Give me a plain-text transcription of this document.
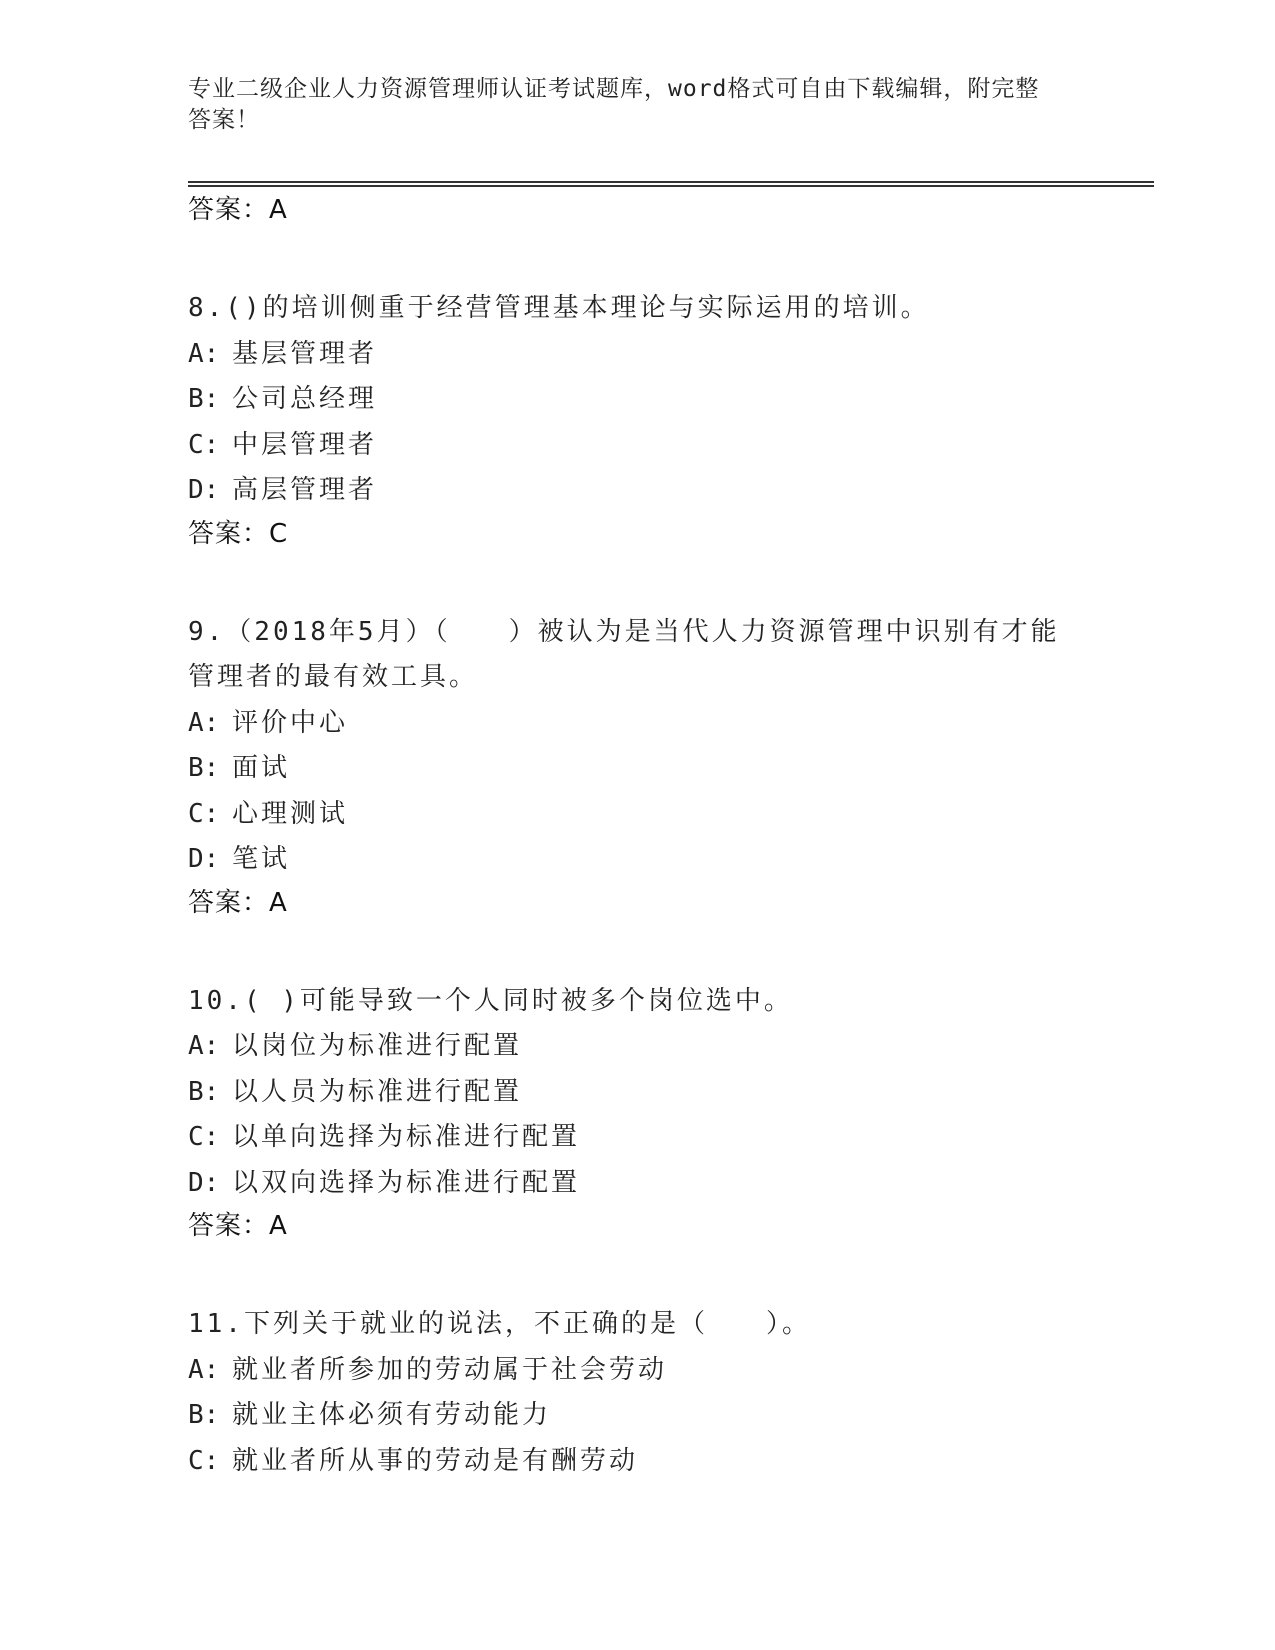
专业二级企业人力资源管理师认证考试题库，word格式可自由下载编辑，附完整
答案！
答案：A
8.()的培训侧重于经营管理基本理论与实际运用的培训。
A: 基层管理者
B: 公司总经理
C: 中层管理者
D: 高层管理者
答案：C
9.（2018年5月）（　　）被认为是当代人力资源管理中识别有才能管理者的最有效工具。
A: 评价中心
B: 面试
C: 心理测试
D: 笔试
答案：A
10.( )可能导致一个人同时被多个岗位选中。
A: 以岗位为标准进行配置
B: 以人员为标准进行配置
C: 以单向选择为标准进行配置
D: 以双向选择为标准进行配置
答案：A
11.下列关于就业的说法，不正确的是（　　）。
A: 就业者所参加的劳动属于社会劳动
B: 就业主体必须有劳动能力
C: 就业者所从事的劳动是有酬劳动
